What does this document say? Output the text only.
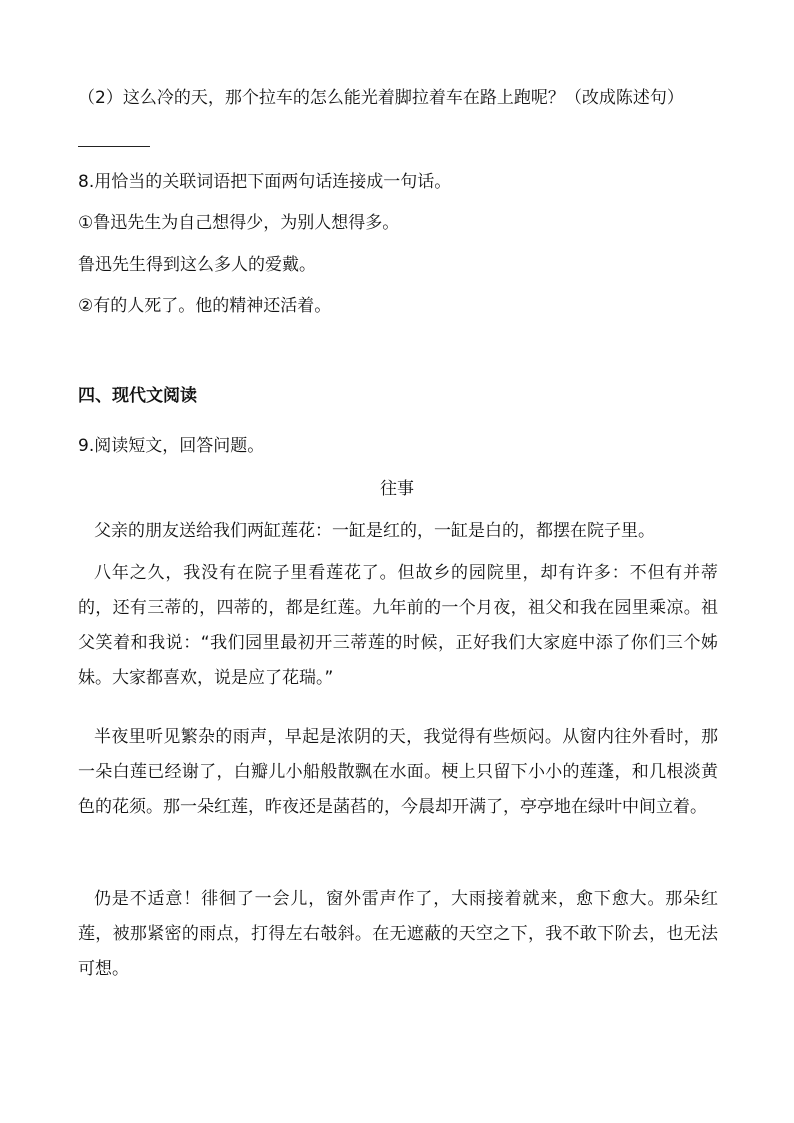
（2）这么冷的天，那个拉车的怎么能光着脚拉着车在路上跑呢？（改成陈述句）
8.用恰当的关联词语把下面两句话连接成一句话。
①鲁迅先生为自己想得少，为别人想得多。
鲁迅先生得到这么多人的爱戴。
②有的人死了。他的精神还活着。
四、现代文阅读
9.阅读短文，回答问题。
往事
父亲的朋友送给我们两缸莲花：一缸是红的，一缸是白的，都摆在院子里。
八年之久，我没有在院子里看莲花了。但故乡的园院里，却有许多：不但有并蒂的，还有三蒂的，四蒂的，都是红莲。九年前的一个月夜，祖父和我在园里乘凉。祖父笑着和我说：“我们园里最初开三蒂莲的时候，正好我们大家庭中添了你们三个姊妹。大家都喜欢，说是应了花瑞。”
半夜里听见繁杂的雨声，早起是浓阴的天，我觉得有些烦闷。从窗内往外看时，那一朵白莲已经谢了，白瓣儿小船般散飘在水面。梗上只留下小小的莲蓬，和几根淡黄色的花须。那一朵红莲，昨夜还是菡萏的，今晨却开满了，亭亭地在绿叶中间立着。
仍是不适意！徘徊了一会儿，窗外雷声作了，大雨接着就来，愈下愈大。那朵红莲，被那紧密的雨点，打得左右攲斜。在无遮蔽的天空之下，我不敢下阶去，也无法可想。
